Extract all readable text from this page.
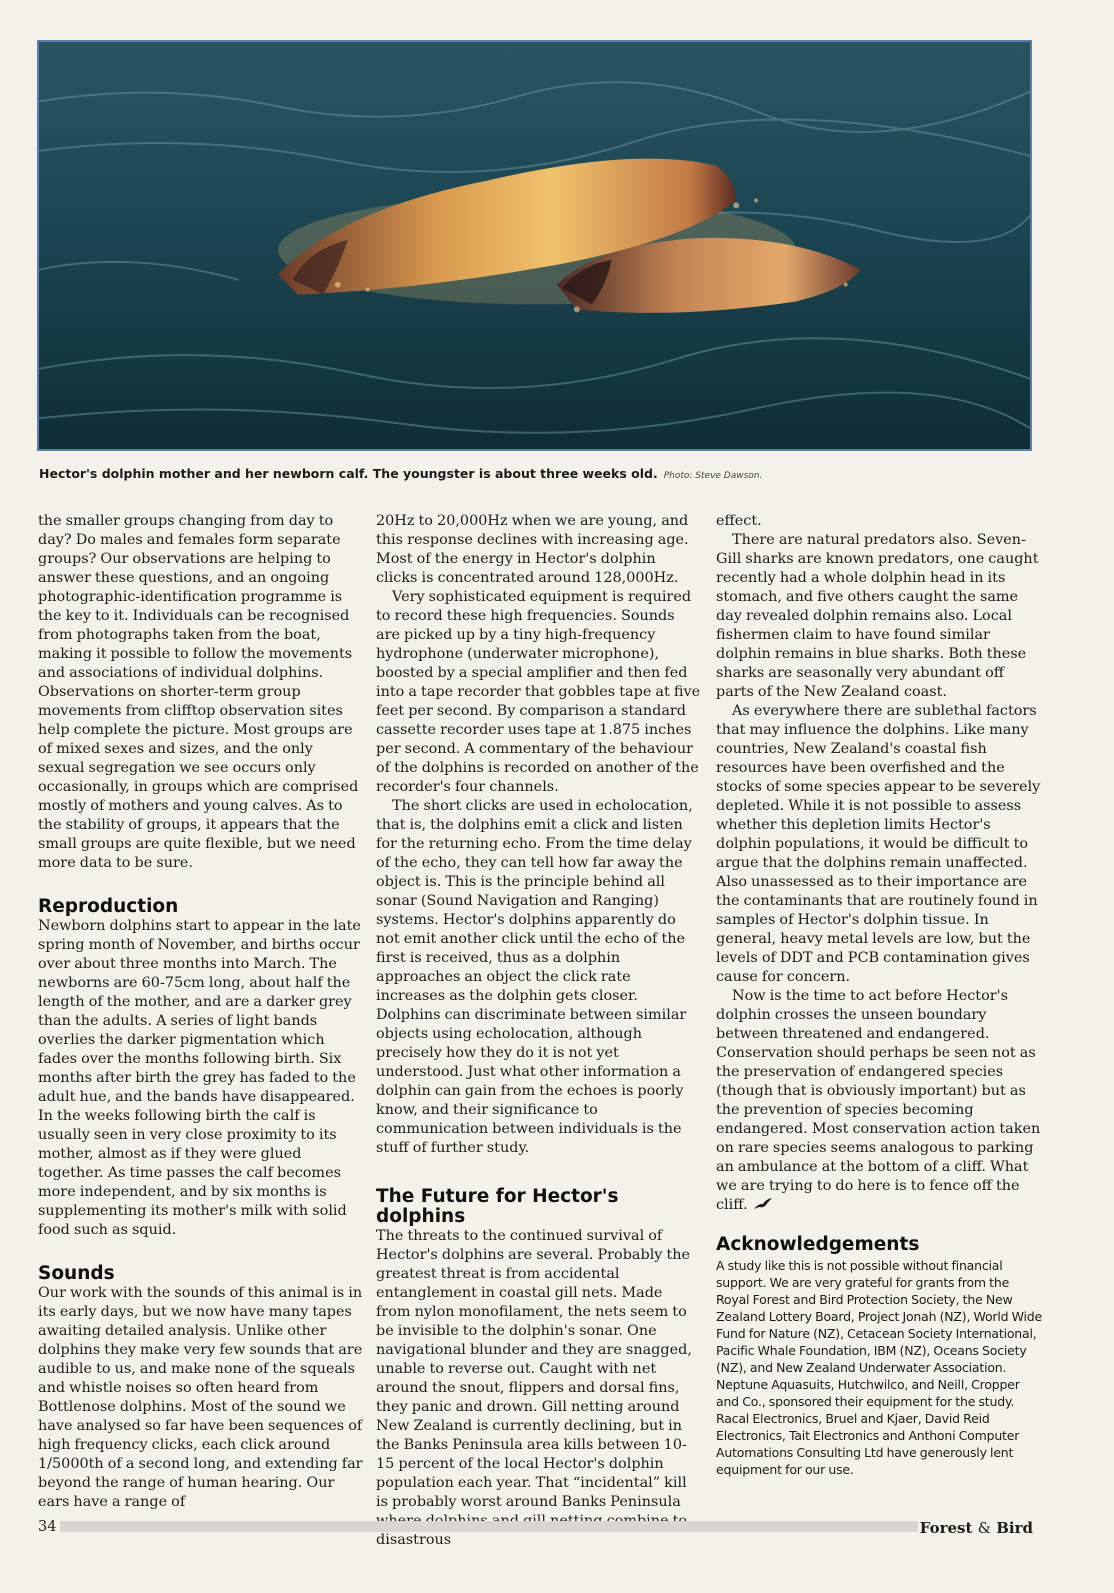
Hector's dolphin mother and her newborn calf. The youngster is about three weeks old. Photo: Steve Dawson.

the smaller groups changing from day to day? Do males and females form separate groups? Our observations are helping to answer these questions, and an ongoing photographic-identification programme is the key to it. Individuals can be recognised from photographs taken from the boat, making it possible to follow the movements and associations of individual dolphins. Observations on shorter-term group movements from clifftop observation sites help complete the picture. Most groups are of mixed sexes and sizes, and the only sexual segregation we see occurs only occasionally, in groups which are comprised mostly of mothers and young calves. As to the stability of groups, it appears that the small groups are quite flexible, but we need more data to be sure.

Reproduction

Newborn dolphins start to appear in the late spring month of November, and births occur over about three months into March. The newborns are 60-75cm long, about half the length of the mother, and are a darker grey than the adults. A series of light bands overlies the darker pigmentation which fades over the months following birth. Six months after birth the grey has faded to the adult hue, and the bands have disappeared. In the weeks following birth the calf is usually seen in very close proximity to its mother, almost as if they were glued together. As time passes the calf becomes more independent, and by six months is supplementing its mother's milk with solid food such as squid.

Sounds

Our work with the sounds of this animal is in its early days, but we now have many tapes awaiting detailed analysis. Unlike other dolphins they make very few sounds that are audible to us, and make none of the squeals and whistle noises so often heard from Bottlenose dolphins. Most of the sound we have analysed so far have been sequences of high frequency clicks, each click around 1/5000th of a second long, and extending far beyond the range of human hearing. Our ears have a range of

20Hz to 20,000Hz when we are young, and this response declines with increasing age. Most of the energy in Hector's dolphin clicks is concentrated around 128,000Hz.

Very sophisticated equipment is required to record these high frequencies. Sounds are picked up by a tiny high-frequency hydrophone (underwater microphone), boosted by a special amplifier and then fed into a tape recorder that gobbles tape at five feet per second. By comparison a standard cassette recorder uses tape at 1.875 inches per second. A commentary of the behaviour of the dolphins is recorded on another of the recorder's four channels.

The short clicks are used in echolocation, that is, the dolphins emit a click and listen for the returning echo. From the time delay of the echo, they can tell how far away the object is. This is the principle behind all sonar (Sound Navigation and Ranging) systems. Hector's dolphins apparently do not emit another click until the echo of the first is received, thus as a dolphin approaches an object the click rate increases as the dolphin gets closer. Dolphins can discriminate between similar objects using echolocation, although precisely how they do it is not yet understood. Just what other information a dolphin can gain from the echoes is poorly know, and their significance to communication between individuals is the stuff of further study.

The Future for Hector's dolphins

The threats to the continued survival of Hector's dolphins are several. Probably the greatest threat is from accidental entanglement in coastal gill nets. Made from nylon monofilament, the nets seem to be invisible to the dolphin's sonar. One navigational blunder and they are snagged, unable to reverse out. Caught with net around the snout, flippers and dorsal fins, they panic and drown. Gill netting around New Zealand is currently declining, but in the Banks Peninsula area kills between 10-15 percent of the local Hector's dolphin population each year. That “incidental” kill is probably worst around Banks Peninsula disastrous

effect.

There are natural predators also. Seven-Gill sharks are known predators, one caught recently had a whole dolphin head in its stomach, and five others caught the same day revealed dolphin remains also. Local fishermen claim to have found similar dolphin remains in blue sharks. Both these sharks are seasonally very abundant off parts of the New Zealand coast.

As everywhere there are sublethal factors that may influence the dolphins. Like many countries, New Zealand's coastal fish resources have been overfished and the stocks of some species appear to be severely depleted. While it is not possible to assess whether this depletion limits Hector's dolphin populations, it would be difficult to argue that the dolphins remain unaffected. Also unassessed as to their importance are the contaminants that are routinely found in samples of Hector's dolphin tissue. In general, heavy metal levels are low, but the levels of DDT and PCB contamination gives cause for concern.

Now is the time to act before Hector's dolphin crosses the unseen boundary between threatened and endangered. Conservation should perhaps be seen not as the preservation of endangered species (though that is obviously important) but as the prevention of species becoming endangered. Most conservation action taken on rare species seems analogous to parking an ambulance at the bottom of a cliff. What we are trying to do here is to fence off the cliff.

Acknowledgements

A study like this is not possible without financial support. We are very grateful for grants from the Royal Forest and Bird Protection Society, the New Zealand Lottery Board, Project Jonah (NZ), World Wide Fund for Nature (NZ), Cetacean Society International, Pacific Whale Foundation, IBM (NZ), Oceans Society (NZ), and New Zealand Underwater Association. Neptune Aquasuits, Hutchwilco, and Neill, Cropper and Co., sponsored their equipment for the study. Racal Electronics, Bruel and Kjaer, David Reid Electronics, Tait Electronics and Anthoni Computer Automations Consulting Ltd have generously lent equipment for our use.

34	Forest & Bird
